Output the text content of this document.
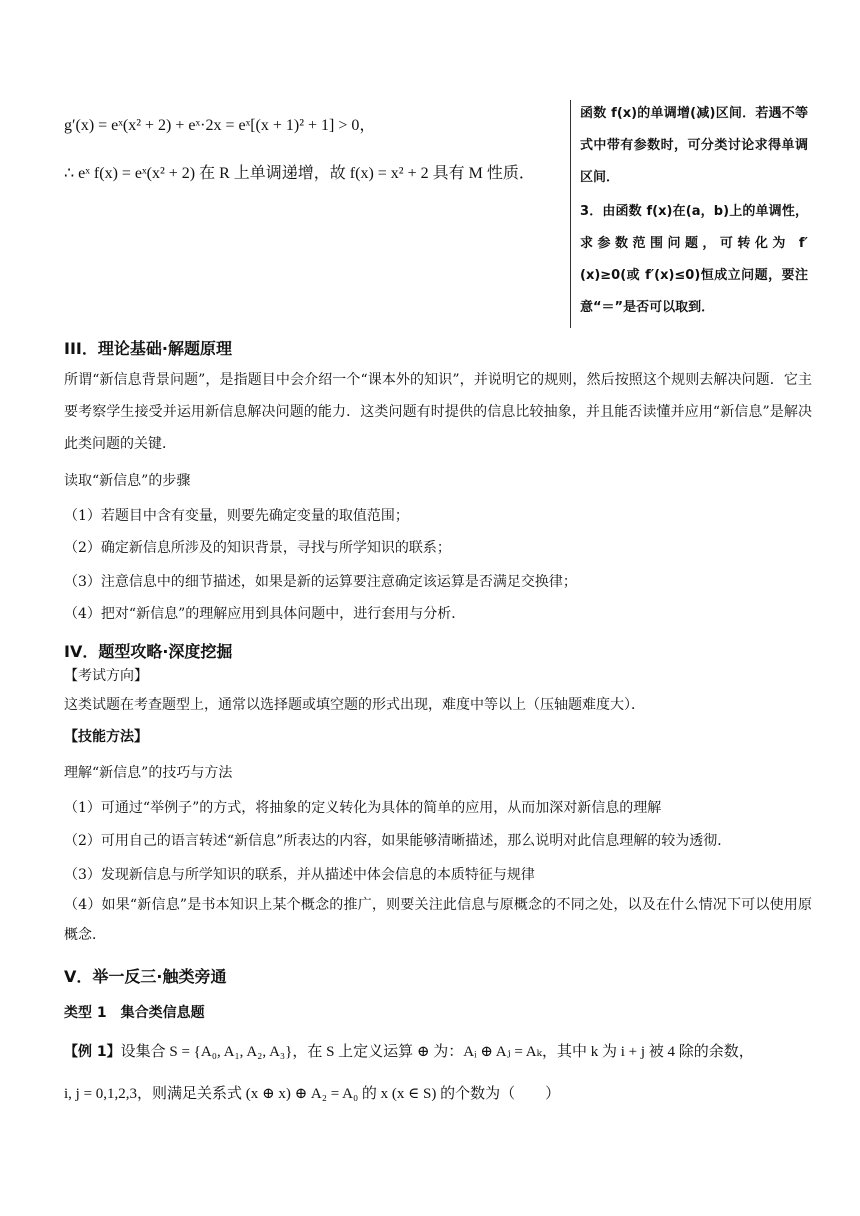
g′(x) = eˣ(x² + 2) + eˣ·2x = eˣ[(x + 1)² + 1] > 0，
∴ eˣ f(x) = eˣ(x² + 2) 在 R 上单调递增，故 f(x) = x² + 2 具有 M 性质．
函数 f(x)的单调增(减)区间．若遇不等式中带有参数时，可分类讨论求得单调区间．
3．由函数 f(x)在(a，b)上的单调性，求参数范围问题，可转化为 f′(x)≥0(或 f′(x)≤0)恒成立问题，要注意“＝”是否可以取到．
III．理论基础·解题原理
所谓“新信息背景问题”，是指题目中会介绍一个“课本外的知识”，并说明它的规则，然后按照这个规则去解决问题．它主要考察学生接受并运用新信息解决问题的能力．这类问题有时提供的信息比较抽象，并且能否读懂并应用“新信息”是解决此类问题的关键．
读取“新信息”的步骤
（1）若题目中含有变量，则要先确定变量的取值范围；
（2）确定新信息所涉及的知识背景，寻找与所学知识的联系；
（3）注意信息中的细节描述，如果是新的运算要注意确定该运算是否满足交换律；
（4）把对“新信息”的理解应用到具体问题中，进行套用与分析．
IV．题型攻略·深度挖掘
【考试方向】
这类试题在考查题型上，通常以选择题或填空题的形式出现，难度中等以上（压轴题难度大）．
【技能方法】
理解“新信息”的技巧与方法
（1）可通过“举例子”的方式，将抽象的定义转化为具体的简单的应用，从而加深对新信息的理解
（2）可用自己的语言转述“新信息”所表达的内容，如果能够清晰描述，那么说明对此信息理解的较为透彻．
（3）发现新信息与所学知识的联系，并从描述中体会信息的本质特征与规律
（4）如果“新信息”是书本知识上某个概念的推广，则要关注此信息与原概念的不同之处，以及在什么情况下可以使用原概念．
V．举一反三·触类旁通
类型 1　集合类信息题
【例 1】设集合 S = {A₀, A₁, A₂, A₃}，在 S 上定义运算 ⊕ 为：Aᵢ ⊕ Aⱼ = Aₖ，其中 k 为 i + j 被 4 除的余数，
i, j = 0,1,2,3，则满足关系式 (x ⊕ x) ⊕ A₂ = A₀ 的 x (x ∈ S) 的个数为（　　）
